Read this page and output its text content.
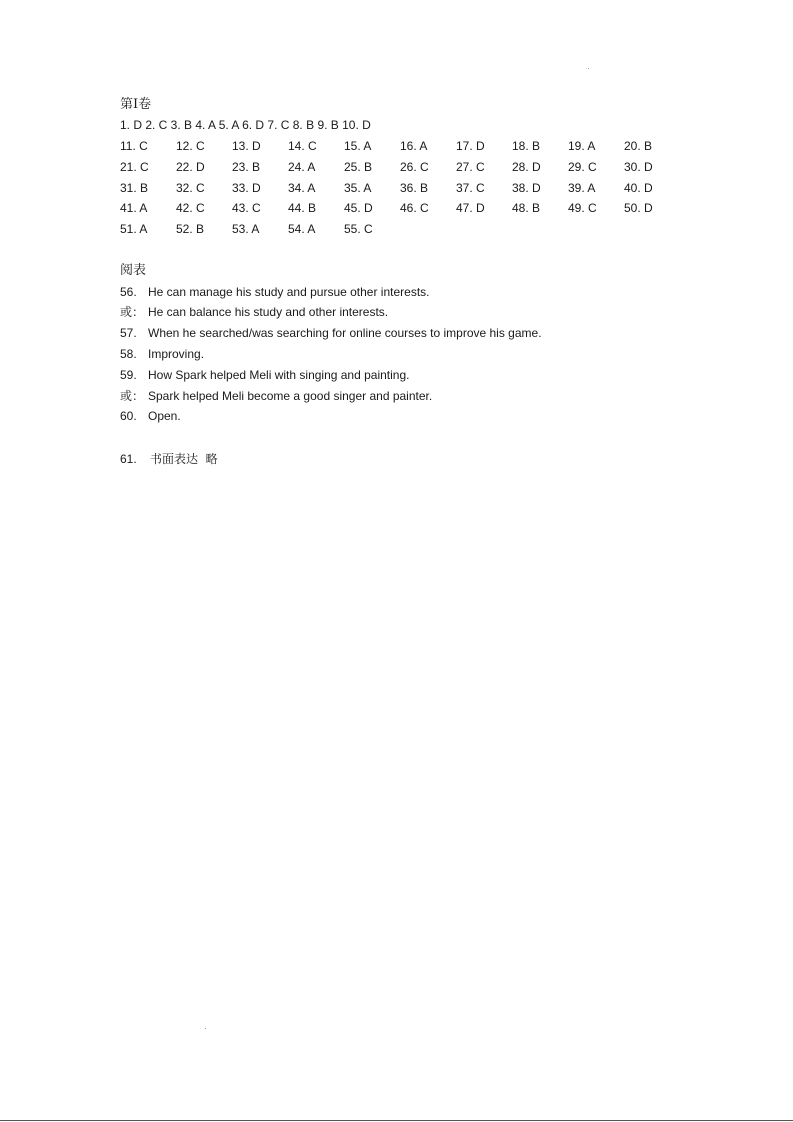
第Ⅰ卷
1. D 2. C 3. B 4. A 5. A 6. D 7. C 8. B 9. B 10. D
11. C	12. C	13. D	14. C	15. A	16. A	17. D	18. B	19. A	20. B
21. C	22. D	23. B	24. A	25. B	26. C	27. C	28. D	29. C	30. D
31. B	32. C	33. D	34. A	35. A	36. B	37. C	38. D	39. A	40. D
41. A	42. C	43. C	44. B	45. D	46. C	47. D	48. B	49. C	50. D
51. A	52. B	53. A	54. A	55. C
阅表
56. He can manage his study and pursue other interests.
或： He can balance his study and other interests.
57. When he searched/was searching for online courses to improve his game.
58. Improving.
59. How Spark helped Meli with singing and painting.
或： Spark helped Meli become a good singer and painter.
60. Open.
61.	书面表达  略
